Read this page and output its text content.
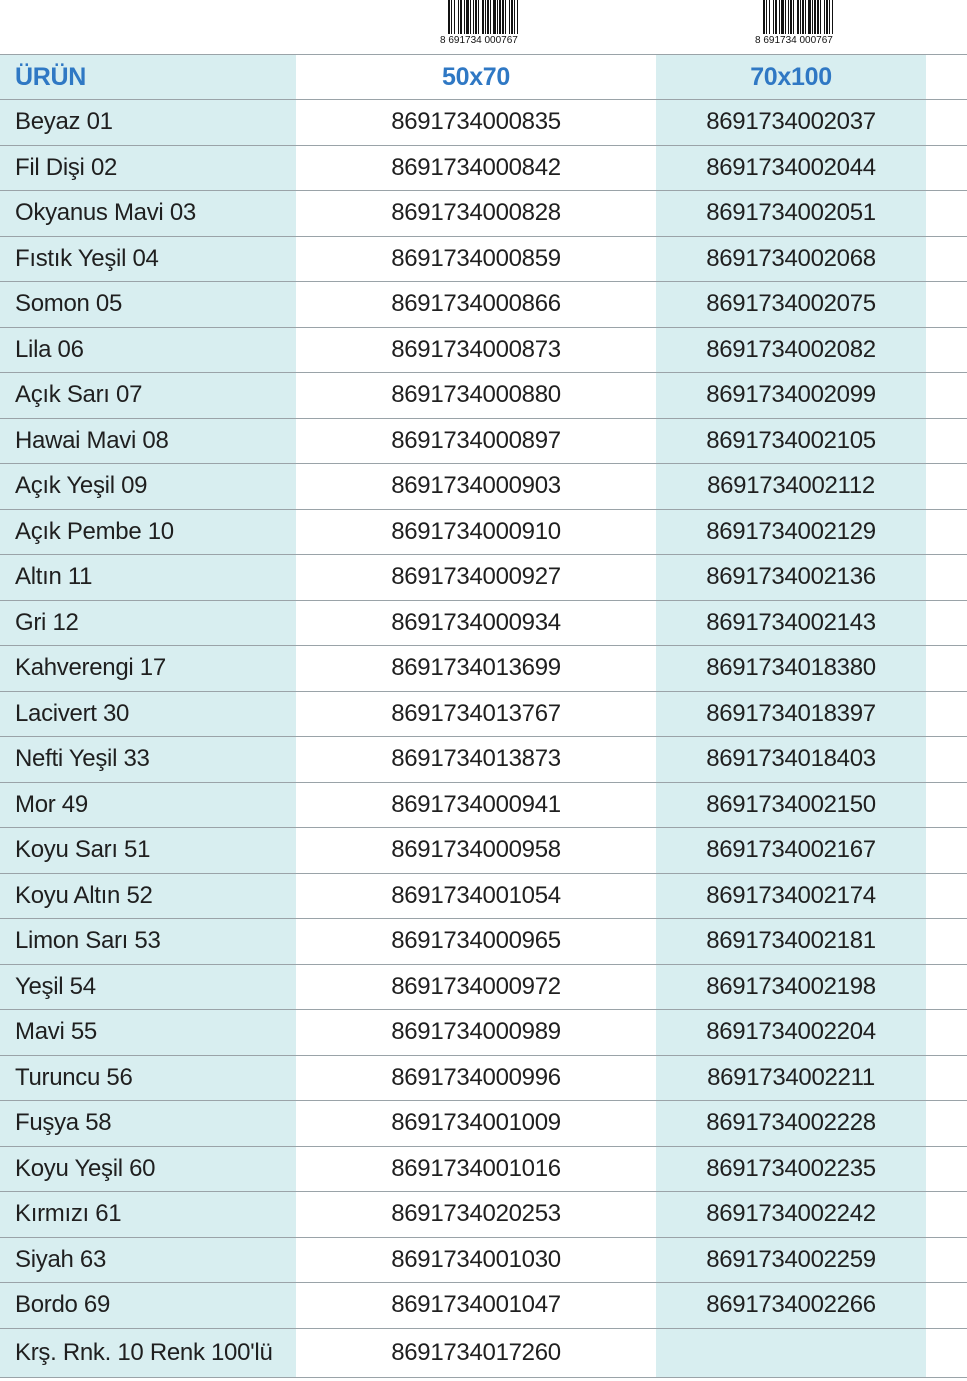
8 691734 000767	8 691734 000767
ÜRÜN	50x70	70x100
Beyaz 01	8691734000835	8691734002037
Fil Dişi 02	8691734000842	8691734002044
Okyanus Mavi 03	8691734000828	8691734002051
Fıstık Yeşil 04	8691734000859	8691734002068
Somon 05	8691734000866	8691734002075
Lila 06	8691734000873	8691734002082
Açık Sarı 07	8691734000880	8691734002099
Hawai Mavi 08	8691734000897	8691734002105
Açık Yeşil 09	8691734000903	8691734002112
Açık Pembe 10	8691734000910	8691734002129
Altın 11	8691734000927	8691734002136
Gri 12	8691734000934	8691734002143
Kahverengi 17	8691734013699	8691734018380
Lacivert 30	8691734013767	8691734018397
Nefti Yeşil 33	8691734013873	8691734018403
Mor 49	8691734000941	8691734002150
Koyu Sarı 51	8691734000958	8691734002167
Koyu Altın 52	8691734001054	8691734002174
Limon Sarı 53	8691734000965	8691734002181
Yeşil 54	8691734000972	8691734002198
Mavi 55	8691734000989	8691734002204
Turuncu 56	8691734000996	8691734002211
Fuşya 58	8691734001009	8691734002228
Koyu Yeşil 60	8691734001016	8691734002235
Kırmızı 61	8691734020253	8691734002242
Siyah 63	8691734001030	8691734002259
Bordo 69	8691734001047	8691734002266
Krş. Rnk. 10 Renk 100'lü	8691734017260
